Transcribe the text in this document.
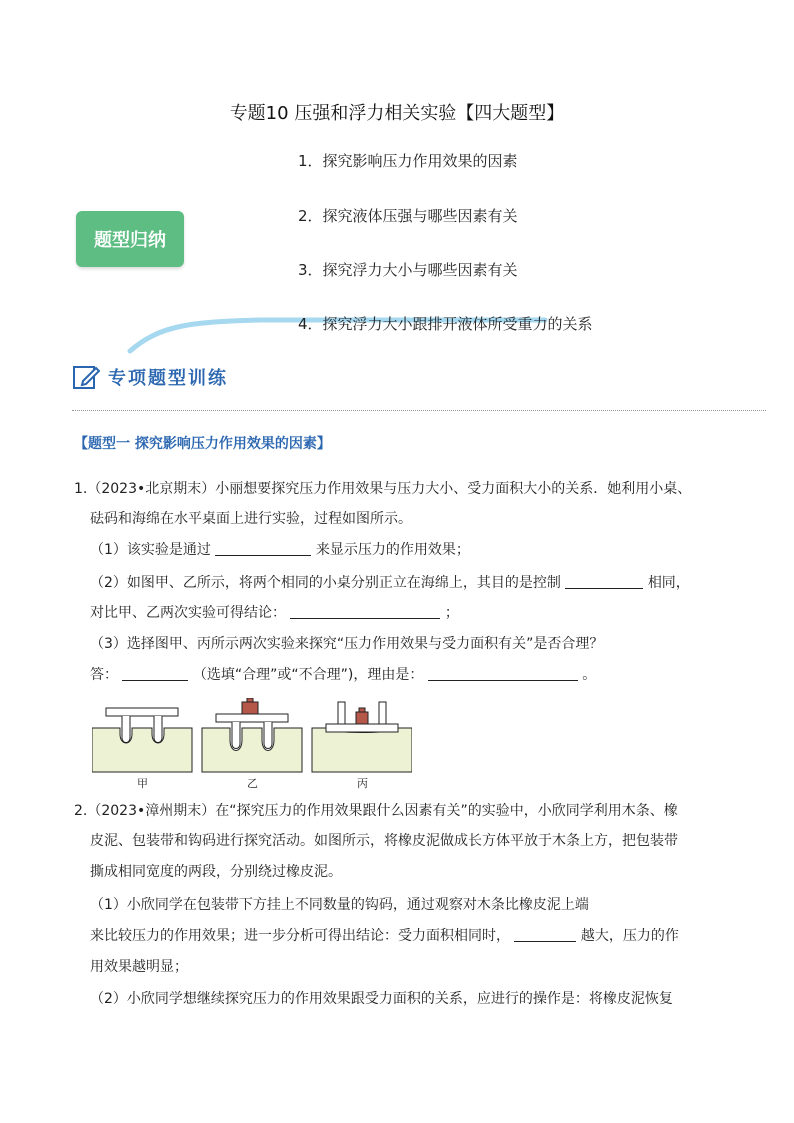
专题10 压强和浮力相关实验【四大题型】
题型归纳
1．探究影响压力作用效果的因素
2．探究液体压强与哪些因素有关
3．探究浮力大小与哪些因素有关
4．探究浮力大小跟排开液体所受重力的关系
专项题型训练
【题型一 探究影响压力作用效果的因素】
1.（2023•北京期末）小丽想要探究压力作用效果与压力大小、受力面积大小的关系．她利用小桌、
砝码和海绵在水平桌面上进行实验，过程如图所示。
（1）该实验是通过	来显示压力的作用效果；
（2）如图甲、乙所示，将两个相同的小桌分别正立在海绵上，其目的是控制	相同，
对比甲、乙两次实验可得结论：	；
（3）选择图甲、丙所示两次实验来探究“压力作用效果与受力面积有关”是否合理？
答：	（选填“合理”或“不合理”)，理由是：	。
甲	乙	丙
2.（2023•漳州期末）在“探究压力的作用效果跟什么因素有关”的实验中，小欣同学利用木条、橡
皮泥、包装带和钩码进行探究活动。如图所示，将橡皮泥做成长方体平放于木条上方，把包装带
撕成相同宽度的两段，分别绕过橡皮泥。
（1）小欣同学在包装带下方挂上不同数量的钩码，通过观察对木条比橡皮泥上端
来比较压力的作用效果；进一步分析可得出结论：受力面积相同时，	越大，压力的作
用效果越明显；
（2）小欣同学想继续探究压力的作用效果跟受力面积的关系，应进行的操作是：将橡皮泥恢复
